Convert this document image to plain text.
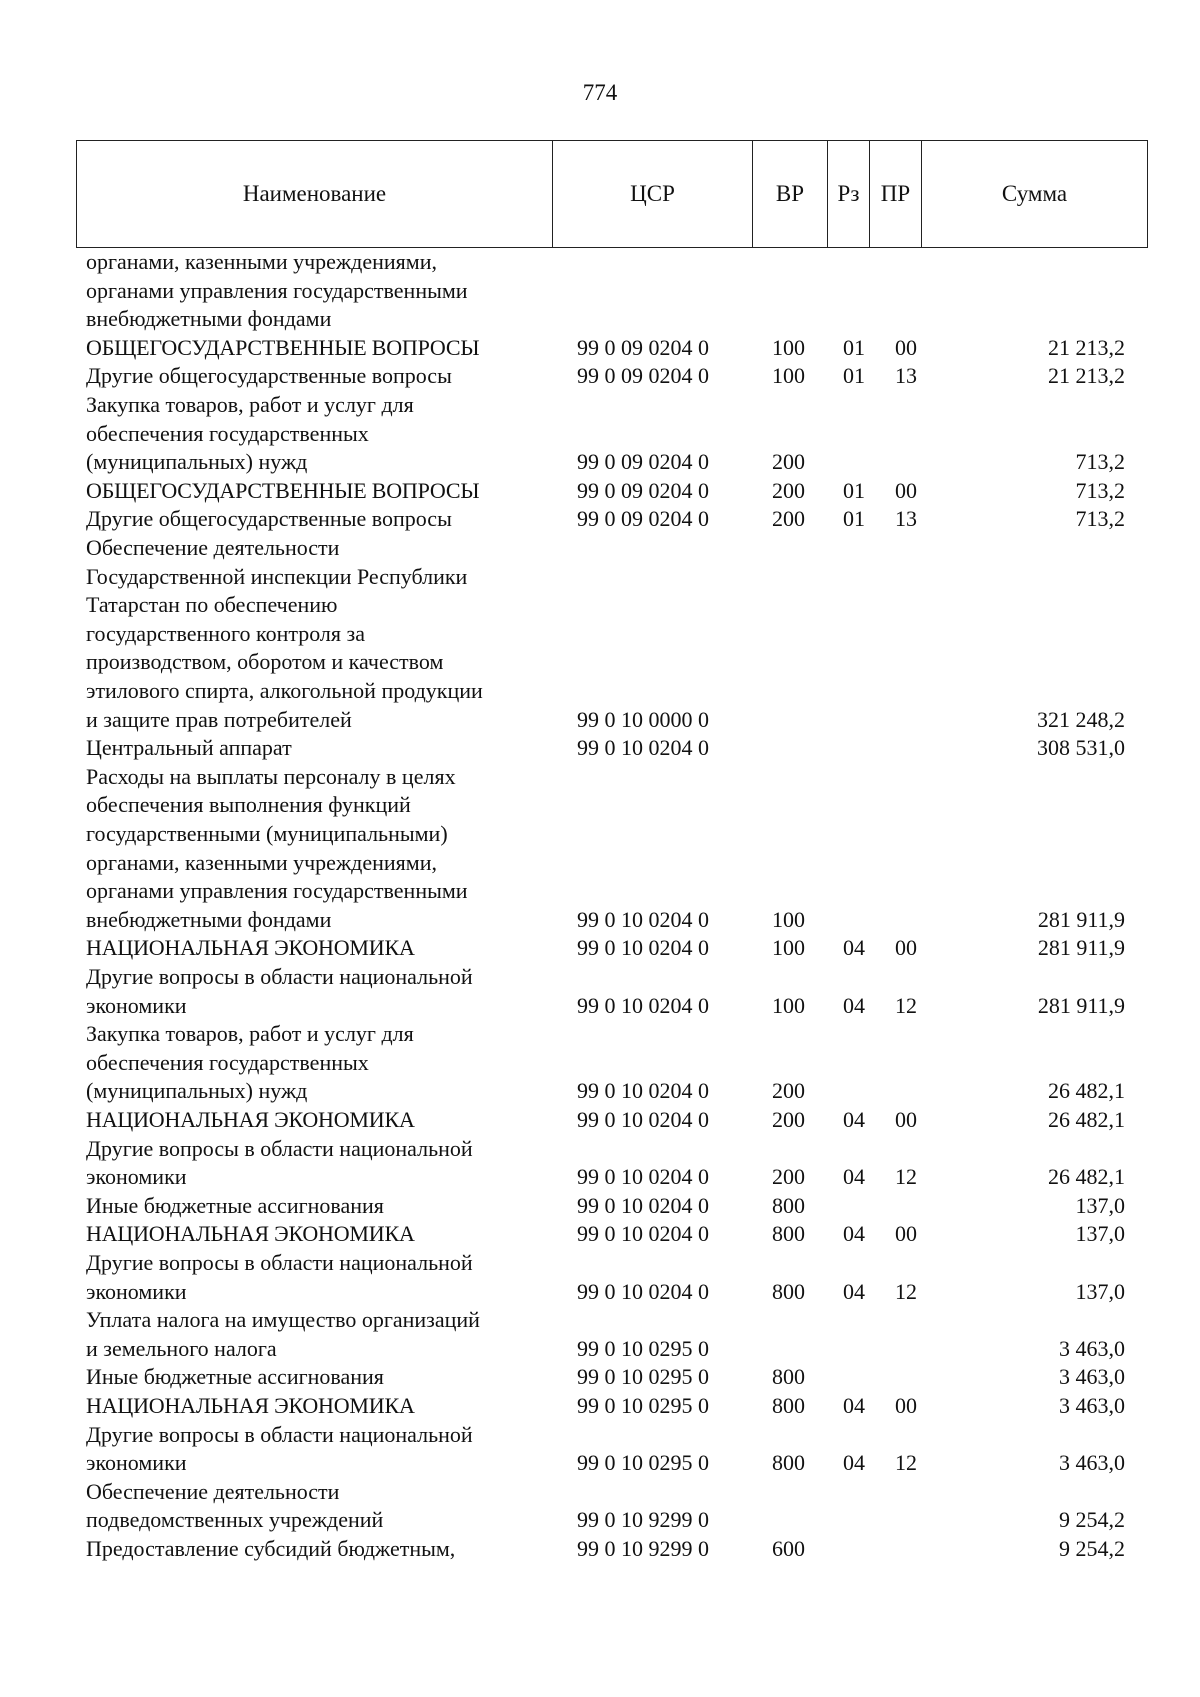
774
Наименование	ЦСР	ВР	Рз ПР	Сумма
органами, казенными учреждениями,
органами управления государственными
внебюджетными фондами
ОБЩЕГОСУДАРСТВЕННЫЕ ВОПРОСЫ	99 0 09 0204 0	100 01 00	21 213,2
Другие общегосударственные вопросы	99 0 09 0204 0	100 01 13	21 213,2
Закупка товаров, работ и услуг для
обеспечения государственных
(муниципальных) нужд	99 0 09 0204 0	200	713,2
ОБЩЕГОСУДАРСТВЕННЫЕ ВОПРОСЫ	99 0 09 0204 0	200 01 00	713,2
Другие общегосударственные вопросы	99 0 09 0204 0	200 01 13	713,2
Обеспечение деятельности
Государственной инспекции Республики
Татарстан по обеспечению
государственного контроля за
производством, оборотом и качеством
этилового спирта, алкогольной продукции
и защите прав потребителей	99 0 10 0000 0	321 248,2
Центральный аппарат	99 0 10 0204 0	308 531,0
Расходы на выплаты персоналу в целях
обеспечения выполнения функций
государственными (муниципальными)
органами, казенными учреждениями,
органами управления государственными
внебюджетными фондами	99 0 10 0204 0	100	281 911,9
НАЦИОНАЛЬНАЯ ЭКОНОМИКА	99 0 10 0204 0	100 04 00	281 911,9
Другие вопросы в области национальной
экономики	99 0 10 0204 0	100 04 12	281 911,9
Закупка товаров, работ и услуг для
обеспечения государственных
(муниципальных) нужд	99 0 10 0204 0	200	26 482,1
НАЦИОНАЛЬНАЯ ЭКОНОМИКА	99 0 10 0204 0	200 04 00	26 482,1
Другие вопросы в области национальной
экономики	99 0 10 0204 0	200 04 12	26 482,1
Иные бюджетные ассигнования	99 0 10 0204 0	800	137,0
НАЦИОНАЛЬНАЯ ЭКОНОМИКА	99 0 10 0204 0	800 04 00	137,0
Другие вопросы в области национальной
экономики	99 0 10 0204 0	800 04 12	137,0
Уплата налога на имущество организаций
и земельного налога	99 0 10 0295 0	3 463,0
Иные бюджетные ассигнования	99 0 10 0295 0	800	3 463,0
НАЦИОНАЛЬНАЯ ЭКОНОМИКА	99 0 10 0295 0	800 04 00	3 463,0
Другие вопросы в области национальной
экономики	99 0 10 0295 0	800 04 12	3 463,0
Обеспечение деятельности
подведомственных учреждений	99 0 10 9299 0	9 254,2
Предоставление субсидий бюджетным,	99 0 10 9299 0	600	9 254,2
